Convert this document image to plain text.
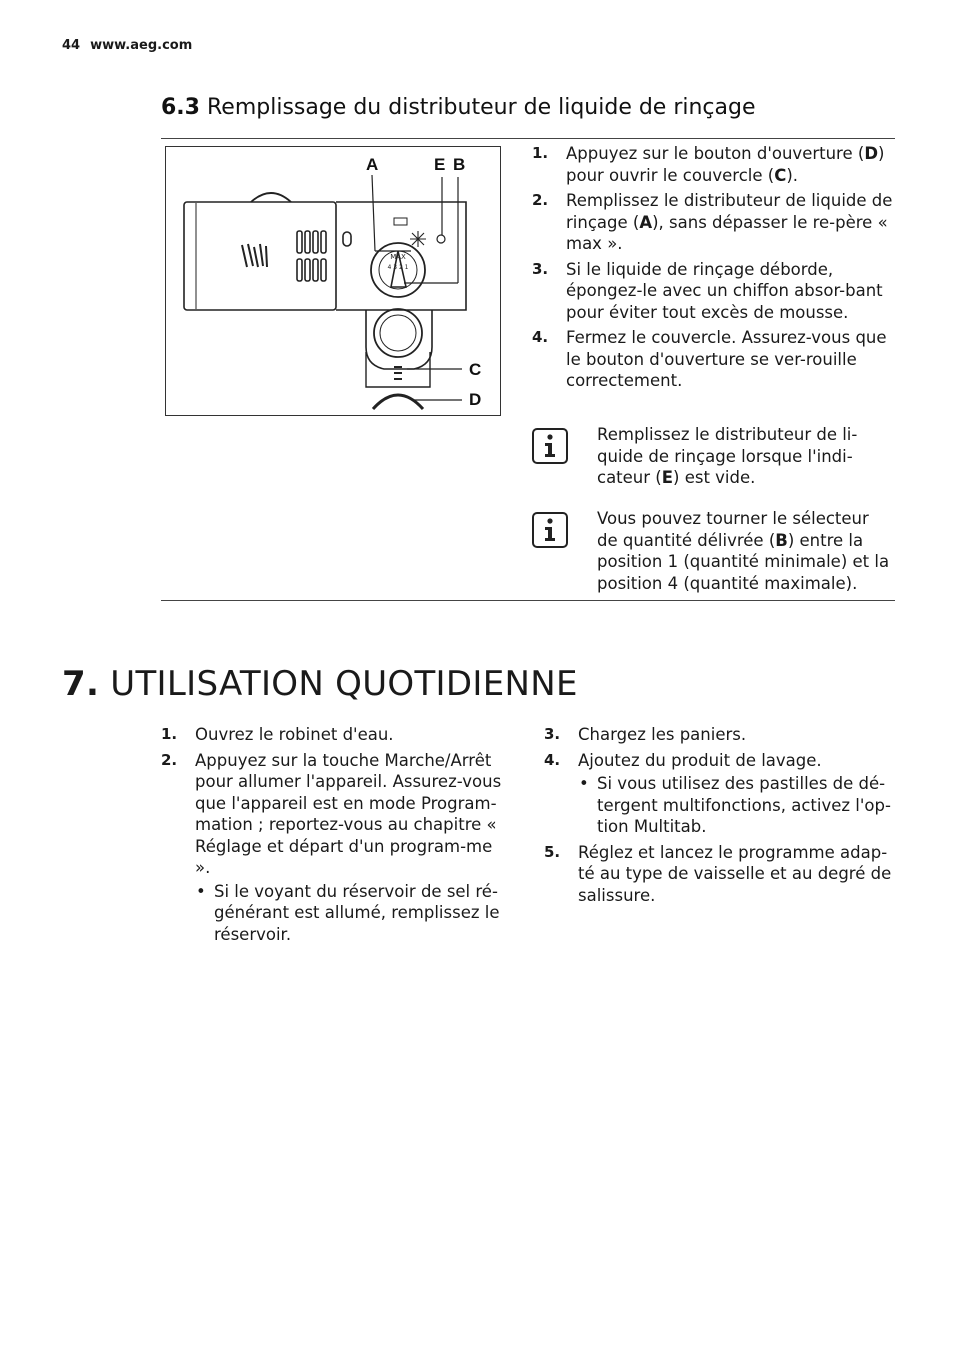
44 www.aeg.com
6.3 Remplissage du distributeur de liquide de rinçage
MAX
4 3 2 1
A	E B
C
D
1. Appuyez sur le bouton d'ouverture (D) pour ouvrir le couvercle (C).
2. Remplissez le distributeur de liquide de rinçage (A), sans dépasser le re-père « max ».
3. Si le liquide de rinçage déborde, épongez-le avec un chiffon absor-bant pour éviter tout excès de mousse.
4. Fermez le couvercle. Assurez-vous que le bouton d'ouverture se ver-rouille correctement.
Remplissez le distributeur de li-quide de rinçage lorsque l'indi-cateur (E) est vide.
Vous pouvez tourner le sélecteur de quantité délivrée (B) entre la position 1 (quantité minimale) et la position 4 (quantité maximale).
7. UTILISATION QUOTIDIENNE
1. Ouvrez le robinet d'eau.
2. Appuyez sur la touche Marche/Arrêt pour allumer l'appareil. Assurez-vous que l'appareil est en mode Program-mation ; reportez-vous au chapitre « Réglage et départ d'un program-me ».
• Si le voyant du réservoir de sel ré-générant est allumé, remplissez le réservoir.
3. Chargez les paniers.
4. Ajoutez du produit de lavage.
• Si vous utilisez des pastilles de dé-tergent multifonctions, activez l'op-tion Multitab.
5. Réglez et lancez le programme adap-té au type de vaisselle et au degré de salissure.
